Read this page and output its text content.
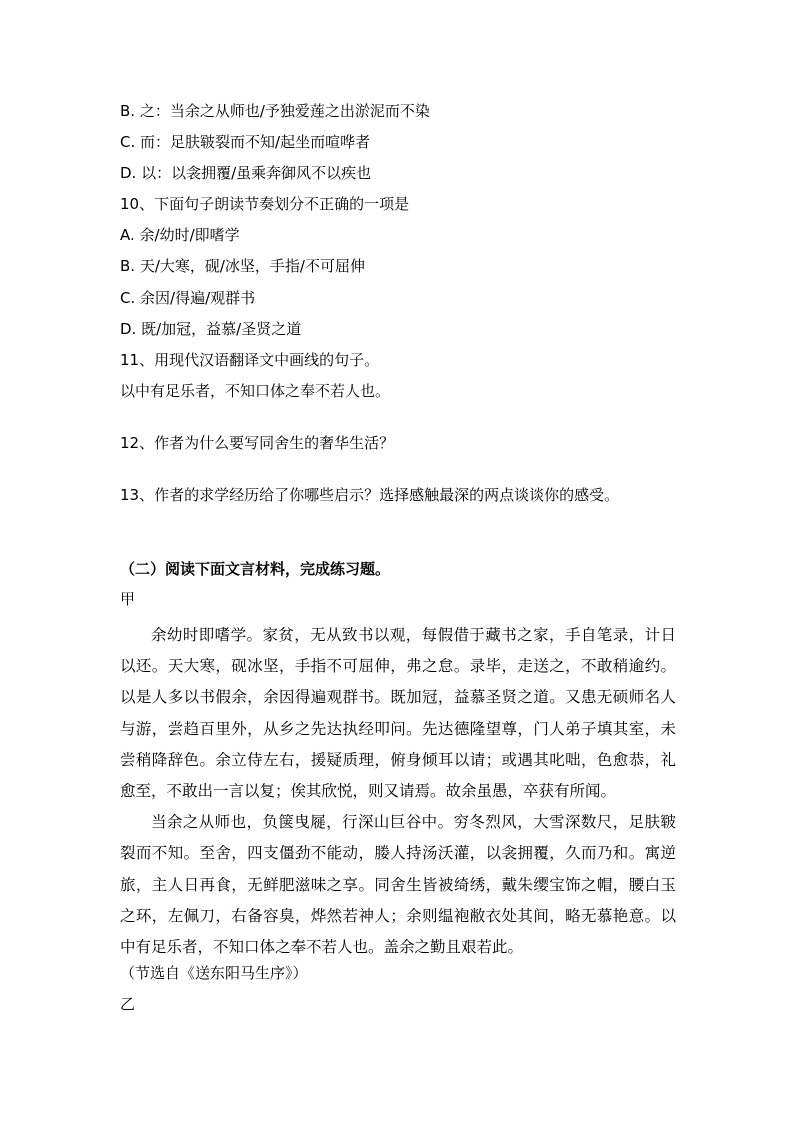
B. 之：当余之从师也/予独爱莲之出淤泥而不染
C. 而：足肤皲裂而不知/起坐而喧哗者
D. 以：以衾拥覆/虽乘奔御风不以疾也
10、下面句子朗读节奏划分不正确的一项是
A. 余/幼时/即嗜学
B. 天/大寒，砚/冰坚，手指/不可屈伸
C. 余因/得遍/观群书
D. 既/加冠，益慕/圣贤之道
11、用现代汉语翻译文中画线的句子。
以中有足乐者，不知口体之奉不若人也。
12、作者为什么要写同舍生的奢华生活？
13、作者的求学经历给了你哪些启示？选择感触最深的两点谈谈你的感受。
（二）阅读下面文言材料，完成练习题。
甲

余幼时即嗜学。家贫，无从致书以观，每假借于藏书之家，手自笔录，计日以还。天大寒，砚冰坚，手指不可屈伸，弗之怠。录毕，走送之，不敢稍逾约。以是人多以书假余，余因得遍观群书。既加冠，益慕圣贤之道。又患无硕师名人与游，尝趋百里外，从乡之先达执经叩问。先达德隆望尊，门人弟子填其室，未尝稍降辞色。余立侍左右，援疑质理，俯身倾耳以请；或遇其叱咄，色愈恭，礼愈至，不敢出一言以复；俟其欣悦，则又请焉。故余虽愚，卒获有所闻。

当余之从师也，负箧曳屣，行深山巨谷中。穷冬烈风，大雪深数尺，足肤皲裂而不知。至舍，四支僵劲不能动，媵人持汤沃灌，以衾拥覆，久而乃和。寓逆旅，主人日再食，无鲜肥滋味之享。同舍生皆被绮绣，戴朱缨宝饰之帽，腰白玉之环，左佩刀，右备容臭，烨然若神人；余则缊袍敝衣处其间，略无慕艳意。以中有足乐者，不知口体之奉不若人也。盖余之勤且艰若此。

（节选自《送东阳马生序》）
乙
